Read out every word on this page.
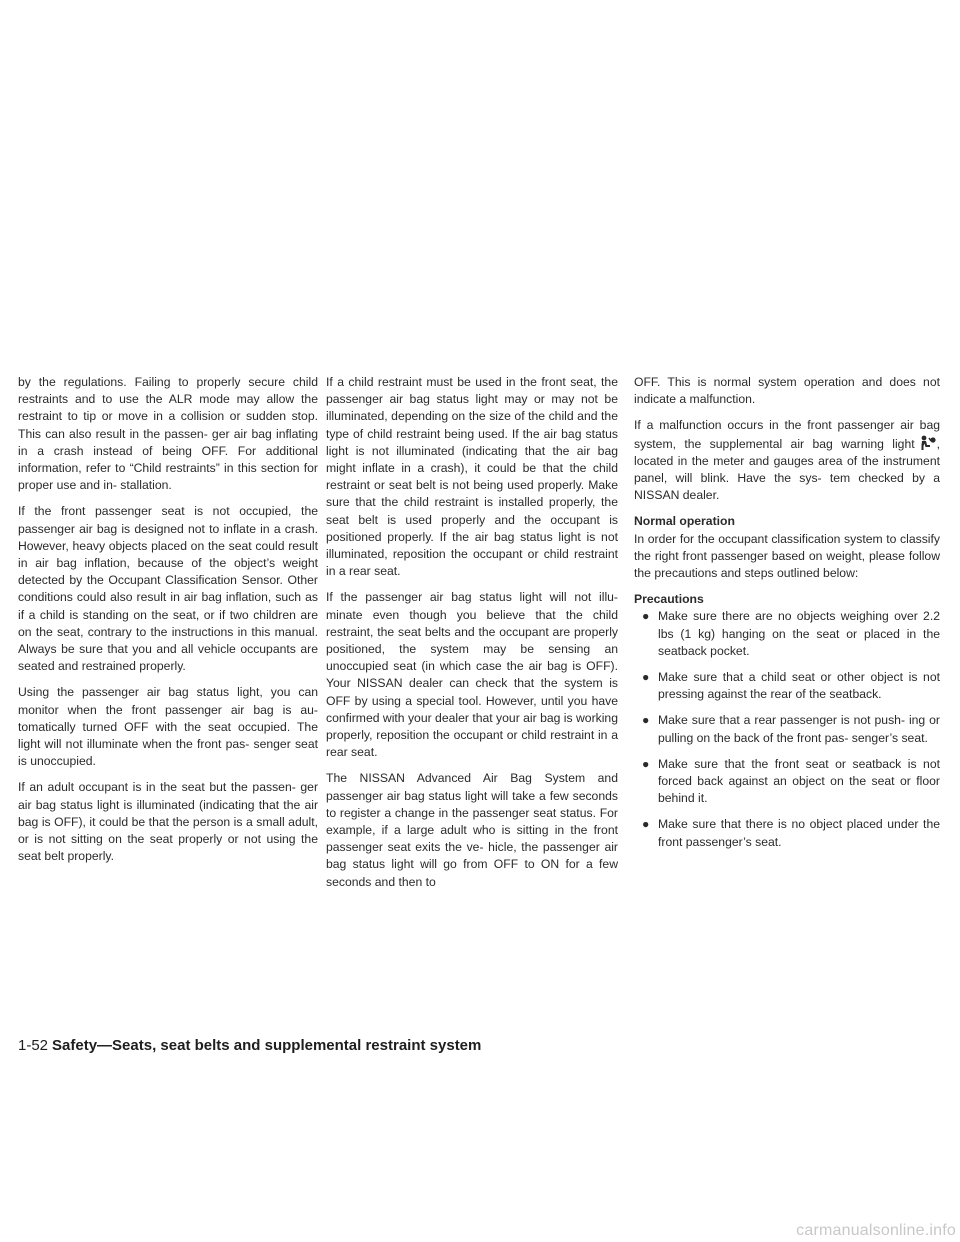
by the regulations. Failing to properly secure child restraints and to use the ALR mode may allow the restraint to tip or move in a collision or sudden stop. This can also result in the passen- ger air bag inflating in a crash instead of being OFF. For additional information, refer to “Child restraints” in this section for proper use and in- stallation.

If the front passenger seat is not occupied, the passenger air bag is designed not to inflate in a crash. However, heavy objects placed on the seat could result in air bag inflation, because of the object’s weight detected by the Occupant Classification Sensor. Other conditions could also result in air bag inflation, such as if a child is standing on the seat, or if two children are on the seat, contrary to the instructions in this manual. Always be sure that you and all vehicle occupants are seated and restrained properly.

Using the passenger air bag status light, you can monitor when the front passenger air bag is au- tomatically turned OFF with the seat occupied. The light will not illuminate when the front pas- senger seat is unoccupied.

If an adult occupant is in the seat but the passen- ger air bag status light is illuminated (indicating that the air bag is OFF), it could be that the person is a small adult, or is not sitting on the seat properly or not using the seat belt properly.

If a child restraint must be used in the front seat, the passenger air bag status light may or may not be illuminated, depending on the size of the child and the type of child restraint being used. If the air bag status light is not illuminated (indicating that the air bag might inflate in a crash), it could be that the child restraint or seat belt is not being used properly. Make sure that the child restraint is installed properly, the seat belt is used properly and the occupant is positioned properly. If the air bag status light is not illuminated, reposition the occupant or child restraint in a rear seat.

If the passenger air bag status light will not illu- minate even though you believe that the child restraint, the seat belts and the occupant are properly positioned, the system may be sensing an unoccupied seat (in which case the air bag is OFF). Your NISSAN dealer can check that the system is OFF by using a special tool. However, until you have confirmed with your dealer that your air bag is working properly, reposition the occupant or child restraint in a rear seat.

The NISSAN Advanced Air Bag System and passenger air bag status light will take a few seconds to register a change in the passenger seat status. For example, if a large adult who is sitting in the front passenger seat exits the ve- hicle, the passenger air bag status light will go from OFF to ON for a few seconds and then to

OFF. This is normal system operation and does not indicate a malfunction.

If a malfunction occurs in the front passenger air bag system, the supplemental air bag warning light , located in the meter and gauges area of the instrument panel, will blink. Have the sys- tem checked by a NISSAN dealer.

Normal operation

In order for the occupant classification system to classify the right front passenger based on weight, please follow the precautions and steps outlined below:

Precautions
● Make sure there are no objects weighing over 2.2 lbs (1 kg) hanging on the seat or placed in the seatback pocket.
● Make sure that a child seat or other object is not pressing against the rear of the seatback.
● Make sure that a rear passenger is not push- ing or pulling on the back of the front pas- senger’s seat.
● Make sure that the front seat or seatback is not forced back against an object on the seat or floor behind it.
● Make sure that there is no object placed under the front passenger’s seat.
1-52 Safety—Seats, seat belts and supplemental restraint system
carmanualsonline.info
